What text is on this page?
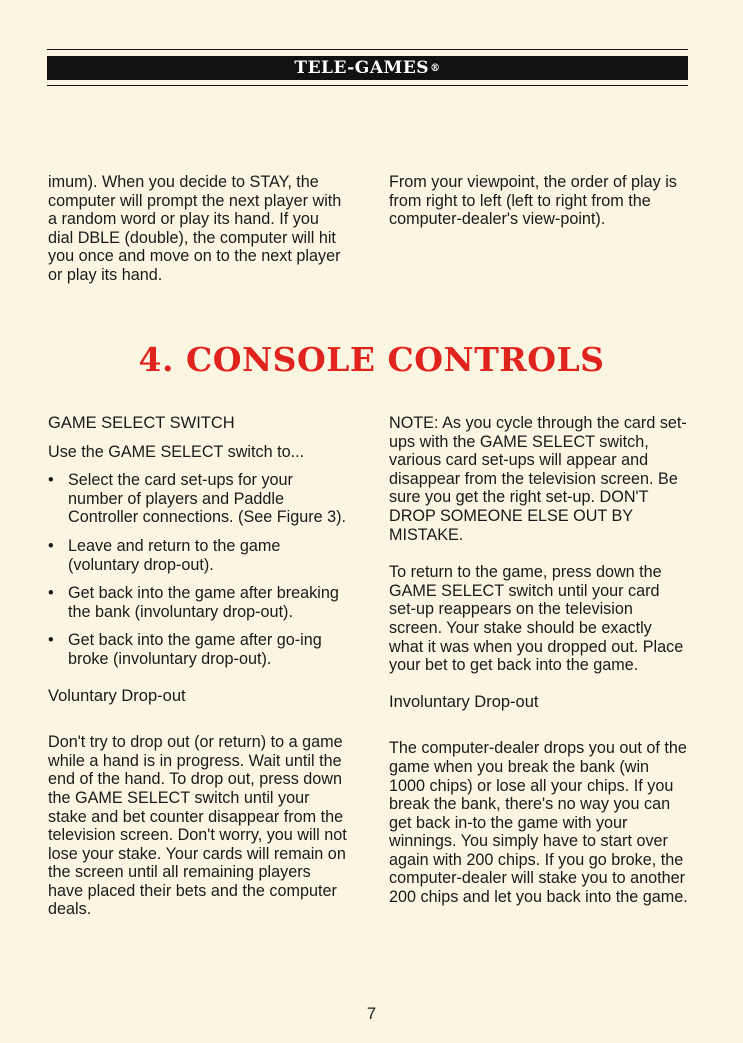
TELE-GAMES ®

imum). When you decide to STAY, the computer will prompt the next player with a random word or play its hand. If you dial DBLE (double), the computer will hit you once and move on to the next player or play its hand.

From your viewpoint, the order of play is from right to left (left to right from the computer-dealer's view-point).

4. CONSOLE CONTROLS

GAME SELECT SWITCH

Use the GAME SELECT switch to...

• Select the card set-ups for your number of players and Paddle Controller connections. (See Figure 3).
• Leave and return to the game (voluntary drop-out).
• Get back into the game after breaking the bank (involuntary drop-out).
• Get back into the game after go-ing broke (involuntary drop-out).

Voluntary Drop-out

Don't try to drop out (or return) to a game while a hand is in progress. Wait until the end of the hand. To drop out, press down the GAME SELECT switch until your stake and bet counter disappear from the television screen. Don't worry, you will not lose your stake. Your cards will remain on the screen until all remaining players have placed their bets and the computer deals.

NOTE: As you cycle through the card set-ups with the GAME SELECT switch, various card set-ups will appear and disappear from the television screen. Be sure you get the right set-up. DON'T DROP SOMEONE ELSE OUT BY MISTAKE.

To return to the game, press down the GAME SELECT switch until your card set-up reappears on the television screen. Your stake should be exactly what it was when you dropped out. Place your bet to get back into the game.

Involuntary Drop-out

The computer-dealer drops you out of the game when you break the bank (win 1000 chips) or lose all your chips. If you break the bank, there's no way you can get back in-to the game with your winnings. You simply have to start over again with 200 chips. If you go broke, the computer-dealer will stake you to another 200 chips and let you back into the game.

7
